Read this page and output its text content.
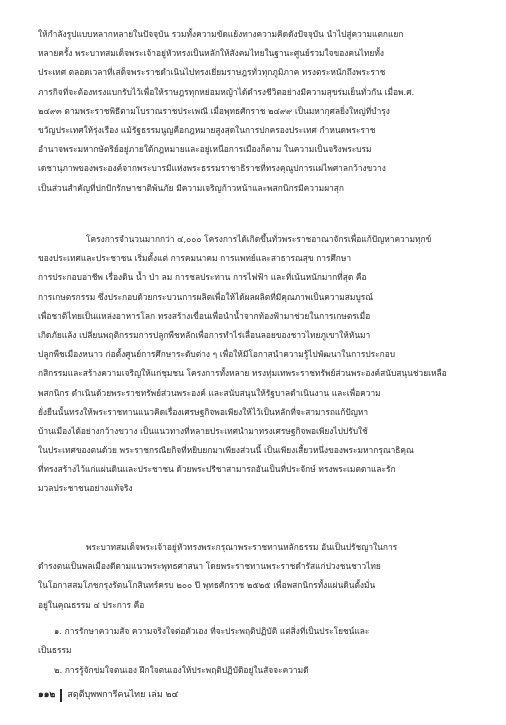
ให้กำลังรูปแบบหลากหลายในปัจจุบัน รวมทั้งความขัดแย้งทางความคิดดังปัจจุบัน นำไปสู่ความแตกแยก
หลายครั้ง พระบาทสมเด็จพระเจ้าอยู่หัวทรงเป็นหลักให้สังคมไทยในฐานะศูนย์รวมใจของคนไทยทั้ง
ประเทศ ตลอดเวลาที่เสด็จพระราชดำเนินไปทรงเยี่ยมราษฎรทั่วทุกภูมิภาค ทรงตระหนักถึงพระราช
ภารกิจที่จะต้องทรงแบกรับไว้เพื่อให้ราษฎรทุกหย่อมหญ้าได้ดำรงชีวิตอย่างมีความสุขร่มเย็นทั่วกัน เมื่อพ.ศ.
๒๔๙๓ ตามพระราชพิธีตามโบราณราชประเพณี เมื่อพุทธศักราช ๒๔๙๙ เป็นมหากุศลยิ่งใหญ่ที่บำรุง
ขวัญประเทศให้รุ่งเรือง แม้รัฐธรรมนูญคือกฎหมายสูงสุดในการปกครองประเทศ กำหนดพระราช
อำนาจพระมหากษัตริย์อยู่ภายใต้กฎหมายและอยู่เหนือการเมืองก็ตาม ในความเป็นจริงพระบรม
เดชานุภาพของพระองค์จากพระบารมีแห่งพระธรรมราชาธิราชที่ทรงคุณูปการแผ่ไพศาลกว้างขวาง
เป็นส่วนสำคัญที่ปกปักรักษาชาติพ้นภัย มีความเจริญก้าวหน้าและพสกนิกรมีความผาสุก

โครงการจำนวนมากกว่า ๔,๐๐๐ โครงการได้เกิดขึ้นทั่วพระราชอาณาจักรเพื่อแก้ปัญหาความทุกข์
ของประเทศและประชาชน เริ่มตั้งแต่ การคมนาคม การแพทย์และสาธารณสุข การศึกษา
การประกอบอาชีพ เรื่องดิน น้ำ ป่า ลม การชลประทาน การไฟฟ้า และที่เน้นหนักมากที่สุด คือ
การเกษตรกรรม ซึ่งประกอบด้วยกระบวนการผลิตเพื่อให้ได้ผลผลิตที่มีคุณภาพเป็นความสมบูรณ์
เพื่อชาติไทยเป็นแหล่งอาหารโลก ทรงสร้างเขื่อนเพื่อนำน้ำจากท้องฟ้ามาช่วยในการเกษตรเมื่อ
เกิดภัยแล้ง เปลี่ยนพฤติกรรมการปลูกพืชหลักเพื่อการทำไร่เลื่อนลอยของชาวไทยภูเขาให้หันมา
ปลูกพืชเมืองหนาว ก่อตั้งศูนย์การศึกษาระดับต่าง ๆ เพื่อให้มีโอกาสนำความรู้ไปพัฒนาในการประกอบ
กสิกรรมและสร้างความเจริญให้แก่ชุมชน โครงการทั้งหลาย ทรงทุ่มเทพระราชทรัพย์ส่วนพระองค์สนับสนุนช่วยเหลือ
พสกนิกร ดำเนินด้วยพระราชทรัพย์ส่วนพระองค์ และสนับสนุนให้รัฐบาลดำเนินงาน และเพื่อความ
ยั่งยืนนั้นทรงให้พระราชทานแนวคิดเรื่องเศรษฐกิจพอเพียงให้ไว้เป็นหลักที่จะสามารถแก้ปัญหา
บ้านเมืองได้อย่างกว้างขวาง เป็นแนวทางที่หลายประเทศนำมาทรงเศรษฐกิจพอเพียงไปปรับใช้
ในประเทศของตนด้วย พระราชกรณียกิจที่หยิบยกมาเพียงส่วนนี้ เป็นเพียงเสี้ยวหนึ่งของพระมหากรุณาธิคุณ
ที่ทรงสร้างไว้แก่แผ่นดินและประชาชน ด้วยพระปรีชาสามารถอันเป็นที่ประจักษ์ ทรงพระเมตตาและรัก
มวลประชาชนอย่างแท้จริง

พระบาทสมเด็จพระเจ้าอยู่หัวทรงพระกรุณาพระราชทานหลักธรรม อันเป็นปรัชญาในการ
ดำรงตนเป็นพลเมืองดีตามแนวพระพุทธศาสนา โดยพระราชทานพระราชดำรัสแก่ปวงชนชาวไทย
ในโอกาสสมโภชกรุงรัตนโกสินทร์ครบ ๒๐๐ ปี พุทธศักราช ๒๕๒๕ เพื่อพสกนิกรทั้งแผ่นดินตั้งมั่น
อยู่ในคุณธรรม ๔ ประการ คือ

๑. การรักษาความสัจ ความจริงใจต่อตัวเอง ที่จะประพฤติปฏิบัติ แต่สิ่งที่เป็นประโยชน์และ

เป็นธรรม

๒. การรู้จักข่มใจตนเอง ฝึกใจตนเองให้ประพฤติปฏิบัติอยู่ในสัจจะความดี

๑๑๒ สดุดีบุพพการีคนไทย เล่ม ๒๔
